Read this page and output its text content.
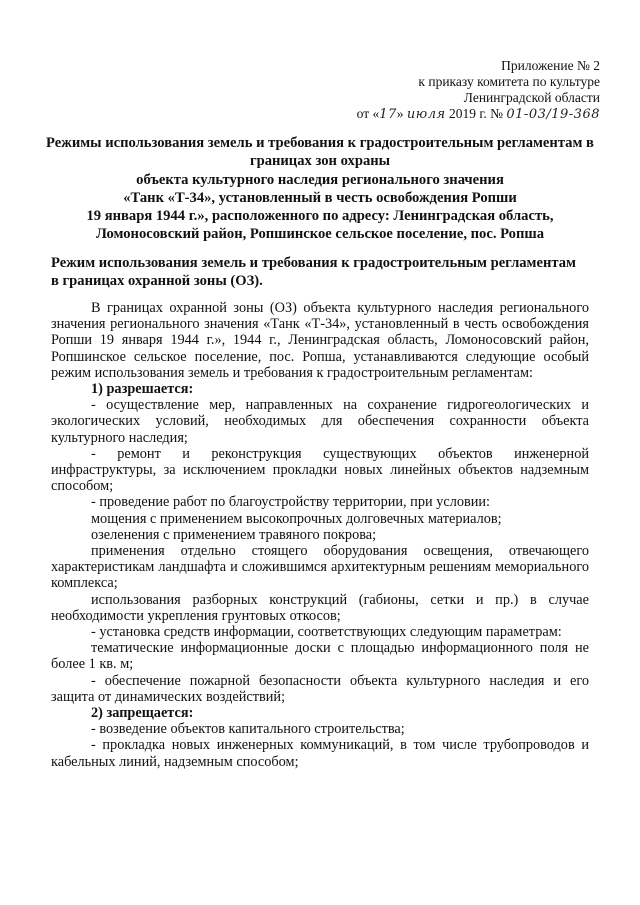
Приложение № 2
к приказу комитета по культуре
Ленинградской области
от «17» июля 2019 г. № 01-03/19-368
Режимы использования земель и требования к градостроительным регламентам в
границах зон охраны
объекта культурного наследия регионального значения
«Танк «Т-34», установленный в честь освобождения Ропши
19 января 1944 г.», расположенного по адресу: Ленинградская область,
Ломоносовский район, Ропшинское сельское поселение, пос. Ропша
Режим использования земель и требования к градостроительным регламентам
в границах охранной зоны (ОЗ).

В границах охранной зоны (ОЗ) объекта культурного наследия регионального значения регионального значения «Танк «Т-34», установленный в честь освобождения Ропши 19 января 1944 г.», 1944 г., Ленинградская область, Ломоносовский район, Ропшинское сельское поселение, пос. Ропша, устанавливаются следующие особый режим использования земель и требования к градостроительным регламентам:

1) разрешается:

- осуществление мер, направленных на сохранение гидрогеологических и экологических условий, необходимых для обеспечения сохранности объекта культурного наследия;

- ремонт и реконструкция существующих объектов инженерной инфраструктуры, за исключением прокладки новых линейных объектов надземным способом;

- проведение работ по благоустройству территории, при условии:

мощения с применением высокопрочных долговечных материалов;

озеленения с применением травяного покрова;

применения отдельно стоящего оборудования освещения, отвечающего характеристикам ландшафта и сложившимся архитектурным решениям мемориального комплекса;

использования разборных конструкций (габионы, сетки и пр.) в случае необходимости укрепления грунтовых откосов;

- установка средств информации, соответствующих следующим параметрам:

тематические информационные доски с площадью информационного поля не более 1 кв. м;

- обеспечение пожарной безопасности объекта культурного наследия и его защита от динамических воздействий;

2) запрещается:

- возведение объектов капитального строительства;

- прокладка новых инженерных коммуникаций, в том числе трубопроводов и кабельных линий, надземным способом;
